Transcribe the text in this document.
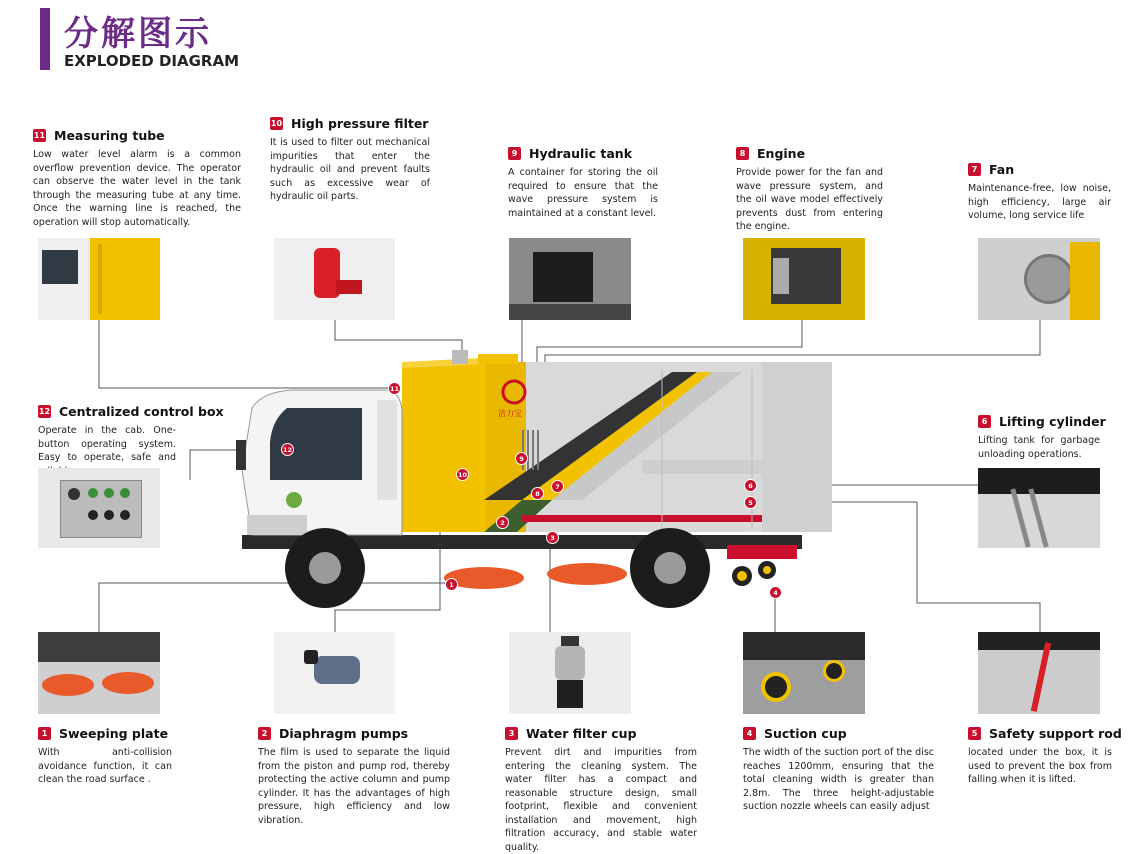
分解图示
EXPLODED DIAGRAM
洁力宝
11
10
9
8
7	6
5
4
3
2
1
12
11 Measuring tube
Low water level alarm is a common overflow prevention device. The operator can observe the water level in the tank through the measuring tube at any time. Once the warning line is reached, the operation will stop automatically.
10 High pressure filter
It is used to filter out mechanical impurities that enter the hydraulic oil and prevent faults such as excessive wear of hydraulic oil parts.
9 Hydraulic tank
A container for storing the oil required to ensure that the wave pressure system is maintained at a constant level.
8 Engine
Provide power for the fan and wave pressure system, and the oil wave model effectively prevents dust from entering the engine.
7 Fan
Maintenance-free, low noise, high efficiency, large air volume, long service life
12 Centralized control box
Operate in the cab. One-button operating system. Easy to operate, safe and
6 Lifting cylinder
Lifting tank for garbage unloading operations.
1 Sweeping plate
With anti-collision avoidance function, it can clean the road surface .
2 Diaphragm pumps
The film is used to separate the liquid from the piston and pump rod, thereby protecting the active column and pump cylinder. It has the advantages of high pressure, high efficiency and low vibration.
3 Water filter cup
Prevent dirt and impurities from entering the cleaning system. The water filter has a compact and reasonable structure design, small footprint, flexible and convenient installation and movement, high filtration accuracy, and stable water quality.
4 Suction cup
The width of the suction port of the disc reaches 1200mm, ensuring that the total cleaning width is greater than 2.8m. The three height-adjustable suction nozzle wheels can easily adjust
5 Safety support rod
located under the box, it is used to prevent the box from falling when it is lifted.
